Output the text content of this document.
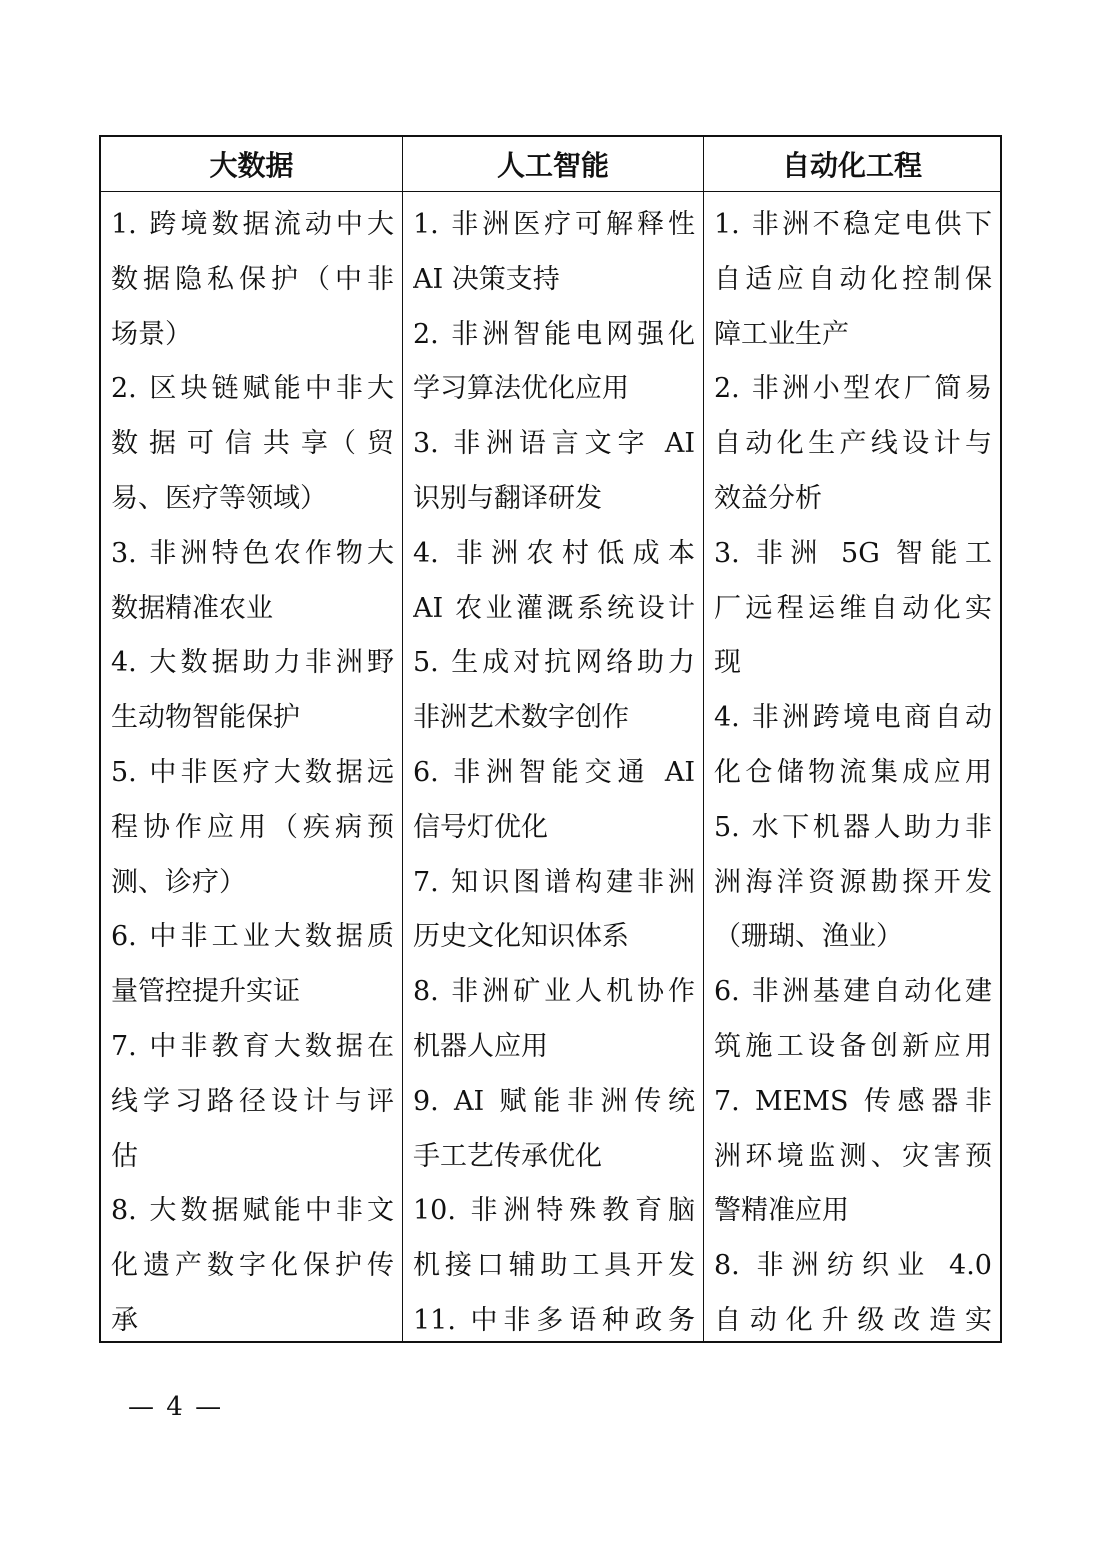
大数据	人工智能	自动化工程
1. 跨境数据流动中大
数据隐私保护（中非
场景）
2. 区块链赋能中非大
数 据 可 信 共 享（ 贸
易、医疗等领域）
3. 非洲特色农作物大
数据精准农业
4. 大数据助力非洲野
生动物智能保护
5. 中非医疗大数据远
程协作应用（疾病预
测、诊疗）
6. 中非工业大数据质
量管控提升实证
7. 中非教育大数据在
线学习路径设计与评
估
8. 大数据赋能中非文
化遗产数字化保护传
承
1. 非洲医疗可解释性
AI 决策支持
2. 非洲智能电网强化
学习算法优化应用
3. 非洲语言文字 AI
识别与翻译研发
4. 非洲农村低成本
AI 农业灌溉系统设计
5. 生成对抗网络助力
非洲艺术数字创作
6. 非洲智能交通 AI
信号灯优化
7. 知识图谱构建非洲
历史文化知识体系
8. 非洲矿业人机协作
机器人应用
9. AI 赋能非洲传统
手工艺传承优化
10. 非洲特殊教育脑
机接口辅助工具开发
11. 中非多语种政务
1. 非洲不稳定电供下
自适应自动化控制保
障工业生产
2. 非洲小型农厂简易
自动化生产线设计与
效益分析
3. 非洲 5G 智能工
厂远程运维自动化实
现
4. 非洲跨境电商自动
化仓储物流集成应用
5. 水下机器人助力非
洲海洋资源勘探开发
（珊瑚、渔业）
6. 非洲基建自动化建
筑施工设备创新应用
7. MEMS 传感器非
洲环境监测、灾害预
警精准应用
8. 非洲纺织业 4.0
自动化升级改造实
— 4 —
